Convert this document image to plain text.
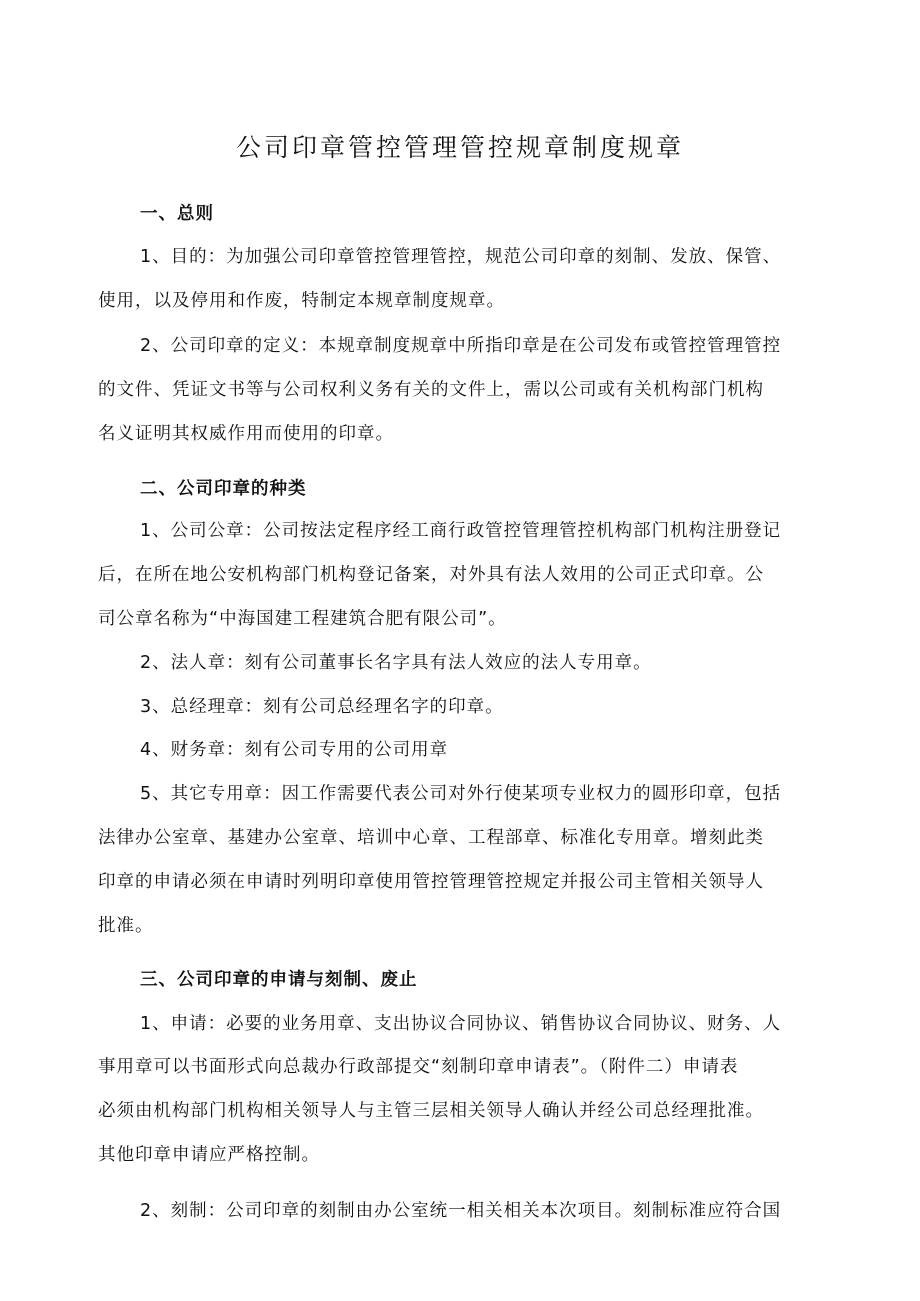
公司印章管控管理管控规章制度规章

一、总则

1、目的：为加强公司印章管控管理管控，规范公司印章的刻制、发放、保管、

使用，以及停用和作废，特制定本规章制度规章。

2、公司印章的定义：本规章制度规章中所指印章是在公司发布或管控管理管控

的文件、凭证文书等与公司权利义务有关的文件上，需以公司或有关机构部门机构

名义证明其权威作用而使用的印章。

二、公司印章的种类

1、公司公章：公司按法定程序经工商行政管控管理管控机构部门机构注册登记

后，在所在地公安机构部门机构登记备案，对外具有法人效用的公司正式印章。公

司公章名称为“中海国建工程建筑合肥有限公司”。

2、法人章：刻有公司董事长名字具有法人效应的法人专用章。

3、总经理章：刻有公司总经理名字的印章。

4、财务章：刻有公司专用的公司用章

5、其它专用章：因工作需要代表公司对外行使某项专业权力的圆形印章，包括

法律办公室章、基建办公室章、培训中心章、工程部章、标准化专用章。增刻此类

印章的申请必须在申请时列明印章使用管控管理管控规定并报公司主管相关领导人

批准。

三、公司印章的申请与刻制、废止

1、申请：必要的业务用章、支出协议合同协议、销售协议合同协议、财务、人

事用章可以书面形式向总裁办行政部提交“刻制印章申请表”。（附件二）申请表

必须由机构部门机构相关领导人与主管三层相关领导人确认并经公司总经理批准。

其他印章申请应严格控制。

2、刻制：公司印章的刻制由办公室统一相关相关本次项目。刻制标准应符合国
